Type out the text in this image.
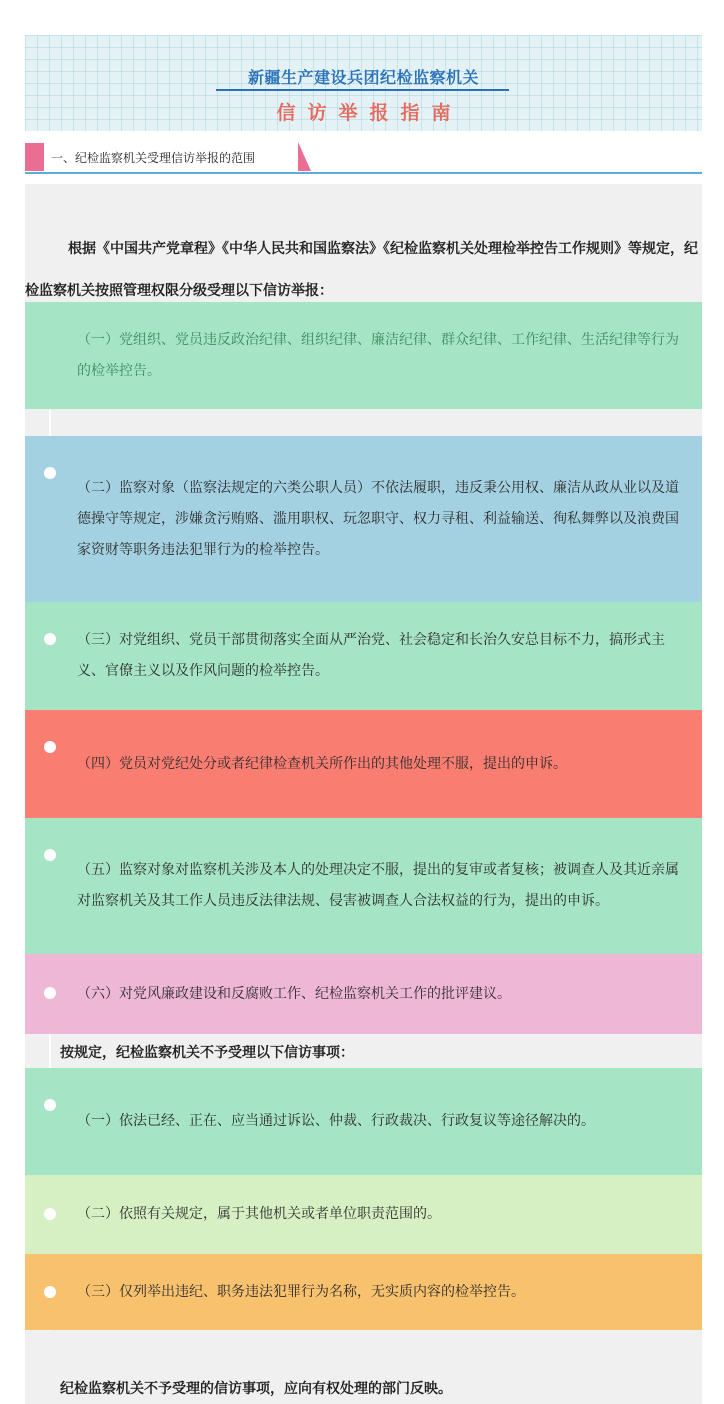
新疆生产建设兵团纪检监察机关
信访举报指南
一、纪检监察机关受理信访举报的范围

根据《中国共产党章程》《中华人民共和国监察法》《纪检监察机关处理检举控告工作规则》等规定，纪检监察机关按照管理权限分级受理以下信访举报：

（一）党组织、党员违反政治纪律、组织纪律、廉洁纪律、群众纪律、工作纪律、生活纪律等行为的检举控告。

（二）监察对象（监察法规定的六类公职人员）不依法履职，违反秉公用权、廉洁从政从业以及道德操守等规定，涉嫌贪污贿赂、滥用职权、玩忽职守、权力寻租、利益输送、徇私舞弊以及浪费国家资财等职务违法犯罪行为的检举控告。

（三）对党组织、党员干部贯彻落实全面从严治党、社会稳定和长治久安总目标不力，搞形式主义、官僚主义以及作风问题的检举控告。

（四）党员对党纪处分或者纪律检查机关所作出的其他处理不服，提出的申诉。

（五）监察对象对监察机关涉及本人的处理决定不服，提出的复审或者复核；被调查人及其近亲属对监察机关及其工作人员违反法律法规、侵害被调查人合法权益的行为，提出的申诉。

（六）对党风廉政建设和反腐败工作、纪检监察机关工作的批评建议。

按规定，纪检监察机关不予受理以下信访事项：

（一）依法已经、正在、应当通过诉讼、仲裁、行政裁决、行政复议等途径解决的。

（二）依照有关规定，属于其他机关或者单位职责范围的。

（三）仅列举出违纪、职务违法犯罪行为名称，无实质内容的检举控告。

纪检监察机关不予受理的信访事项，应向有权处理的部门反映。
